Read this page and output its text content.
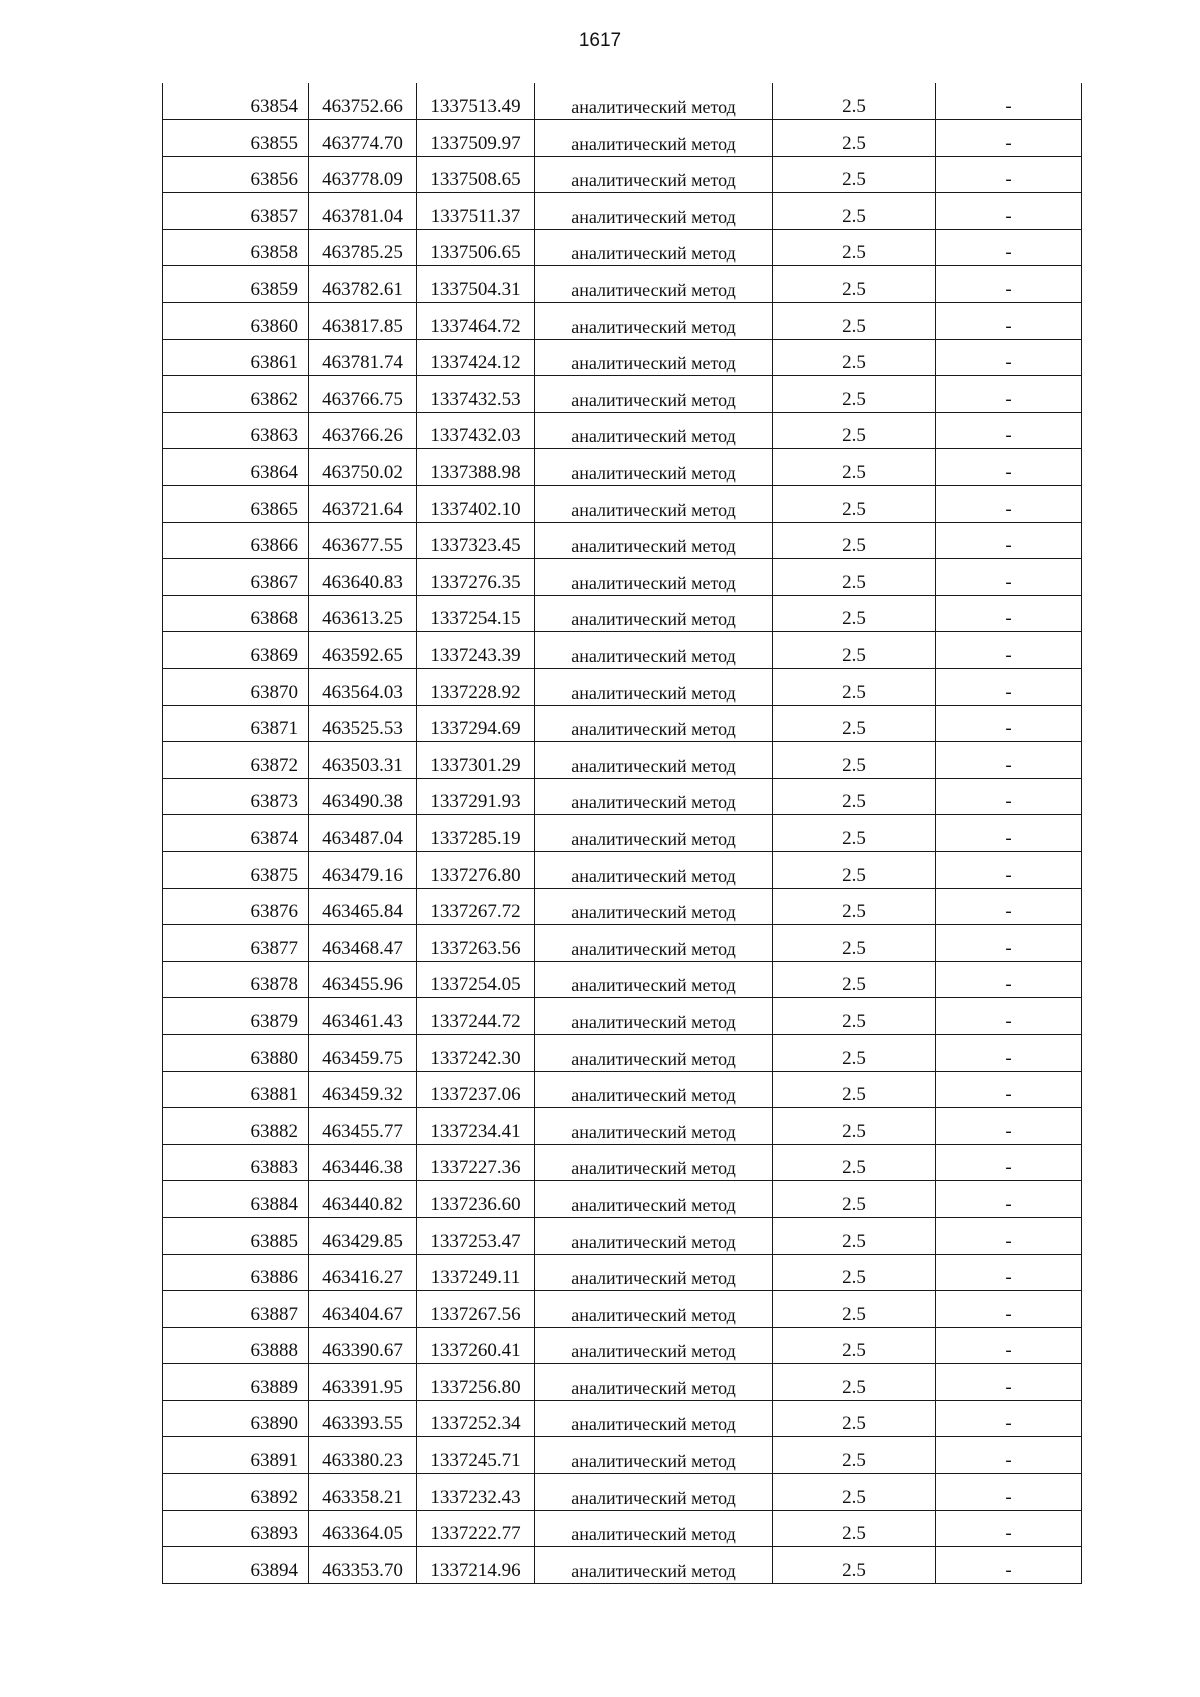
1617
63854	463752.66	1337513.49	аналитический метод	2.5	-
63855	463774.70	1337509.97	аналитический метод	2.5	-
63856	463778.09	1337508.65	аналитический метод	2.5	-
63857	463781.04	1337511.37	аналитический метод	2.5	-
63858	463785.25	1337506.65	аналитический метод	2.5	-
63859	463782.61	1337504.31	аналитический метод	2.5	-
63860	463817.85	1337464.72	аналитический метод	2.5	-
63861	463781.74	1337424.12	аналитический метод	2.5	-
63862	463766.75	1337432.53	аналитический метод	2.5	-
63863	463766.26	1337432.03	аналитический метод	2.5	-
63864	463750.02	1337388.98	аналитический метод	2.5	-
63865	463721.64	1337402.10	аналитический метод	2.5	-
63866	463677.55	1337323.45	аналитический метод	2.5	-
63867	463640.83	1337276.35	аналитический метод	2.5	-
63868	463613.25	1337254.15	аналитический метод	2.5	-
63869	463592.65	1337243.39	аналитический метод	2.5	-
63870	463564.03	1337228.92	аналитический метод	2.5	-
63871	463525.53	1337294.69	аналитический метод	2.5	-
63872	463503.31	1337301.29	аналитический метод	2.5	-
63873	463490.38	1337291.93	аналитический метод	2.5	-
63874	463487.04	1337285.19	аналитический метод	2.5	-
63875	463479.16	1337276.80	аналитический метод	2.5	-
63876	463465.84	1337267.72	аналитический метод	2.5	-
63877	463468.47	1337263.56	аналитический метод	2.5	-
63878	463455.96	1337254.05	аналитический метод	2.5	-
63879	463461.43	1337244.72	аналитический метод	2.5	-
63880	463459.75	1337242.30	аналитический метод	2.5	-
63881	463459.32	1337237.06	аналитический метод	2.5	-
63882	463455.77	1337234.41	аналитический метод	2.5	-
63883	463446.38	1337227.36	аналитический метод	2.5	-
63884	463440.82	1337236.60	аналитический метод	2.5	-
63885	463429.85	1337253.47	аналитический метод	2.5	-
63886	463416.27	1337249.11	аналитический метод	2.5	-
63887	463404.67	1337267.56	аналитический метод	2.5	-
63888	463390.67	1337260.41	аналитический метод	2.5	-
63889	463391.95	1337256.80	аналитический метод	2.5	-
63890	463393.55	1337252.34	аналитический метод	2.5	-
63891	463380.23	1337245.71	аналитический метод	2.5	-
63892	463358.21	1337232.43	аналитический метод	2.5	-
63893	463364.05	1337222.77	аналитический метод	2.5	-
63894	463353.70	1337214.96	аналитический метод	2.5	-
